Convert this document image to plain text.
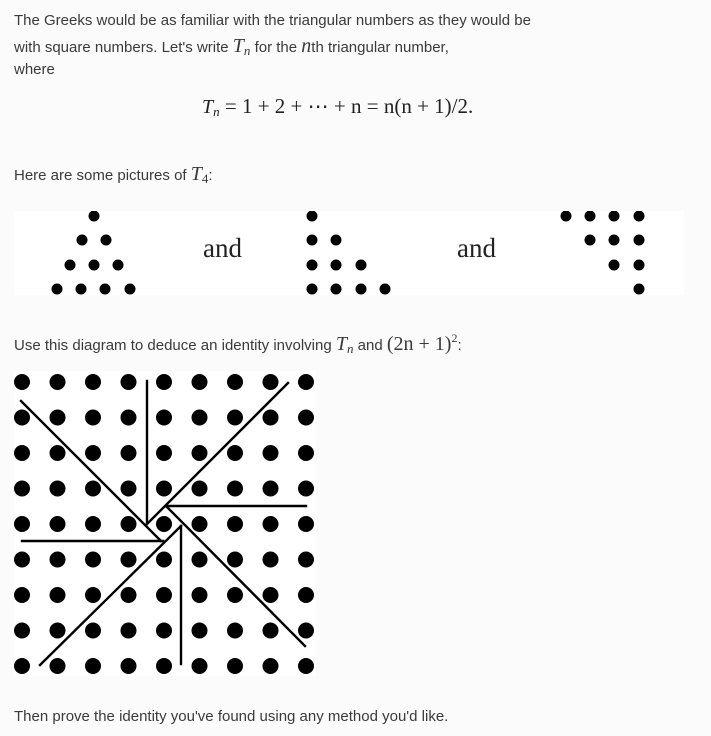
The Greeks would be as familiar with the triangular numbers as they would be
with square numbers. Let's write $T_n$ for the nth triangular number,
where
$T_n = 1 + 2$ + ⋯ + n = n(n + 1)/2.
Here are some pictures of $T_4$:
and	and
Use this diagram to deduce an identity involving $T_n$ and $(2n + 1)^2$:
Then prove the identity you've found using any method you'd like.
